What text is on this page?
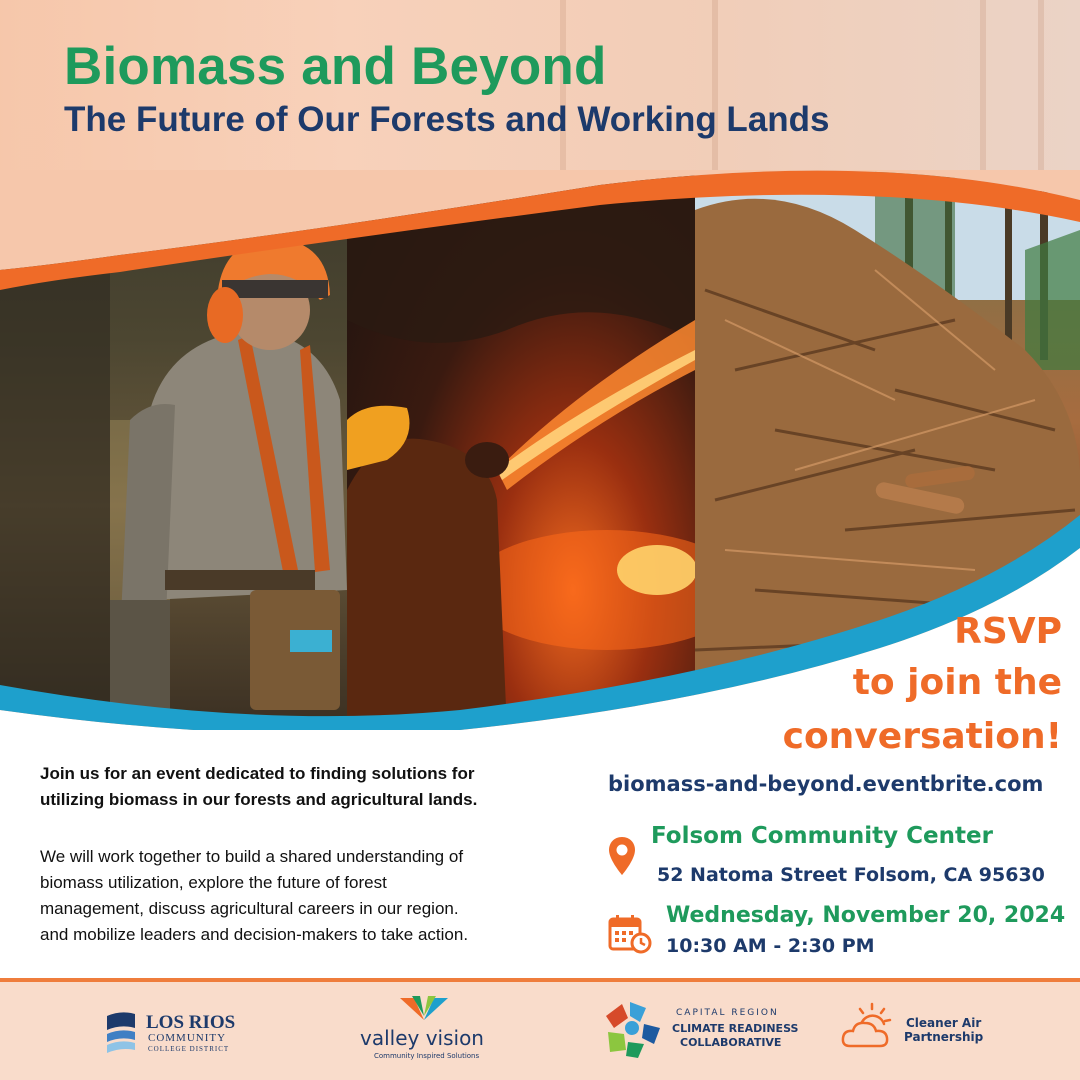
Biomass and Beyond
The Future of Our Forests and Working Lands
RSVP
to join the
conversation!
biomass-and-beyond.eventbrite.com
Folsom Community Center
52 Natoma Street Folsom, CA 95630
Wednesday, November 20, 2024
10:30 AM - 2:30 PM
Join us for an event dedicated to finding solutions for
utilizing biomass in our forests and agricultural lands.
We will work together to build a shared understanding of
biomass utilization, explore the future of forest
management, discuss agricultural careers in our region.
and mobilize leaders and decision-makers to take action.
LOS RIOS
COMMUNITY
COLLEGE DISTRICT	valley vision
Community Inspired Solutions
CAPITAL REGION
CLIMATE READINESS
COLLABORATIVE
Cleaner Air
Partnership
